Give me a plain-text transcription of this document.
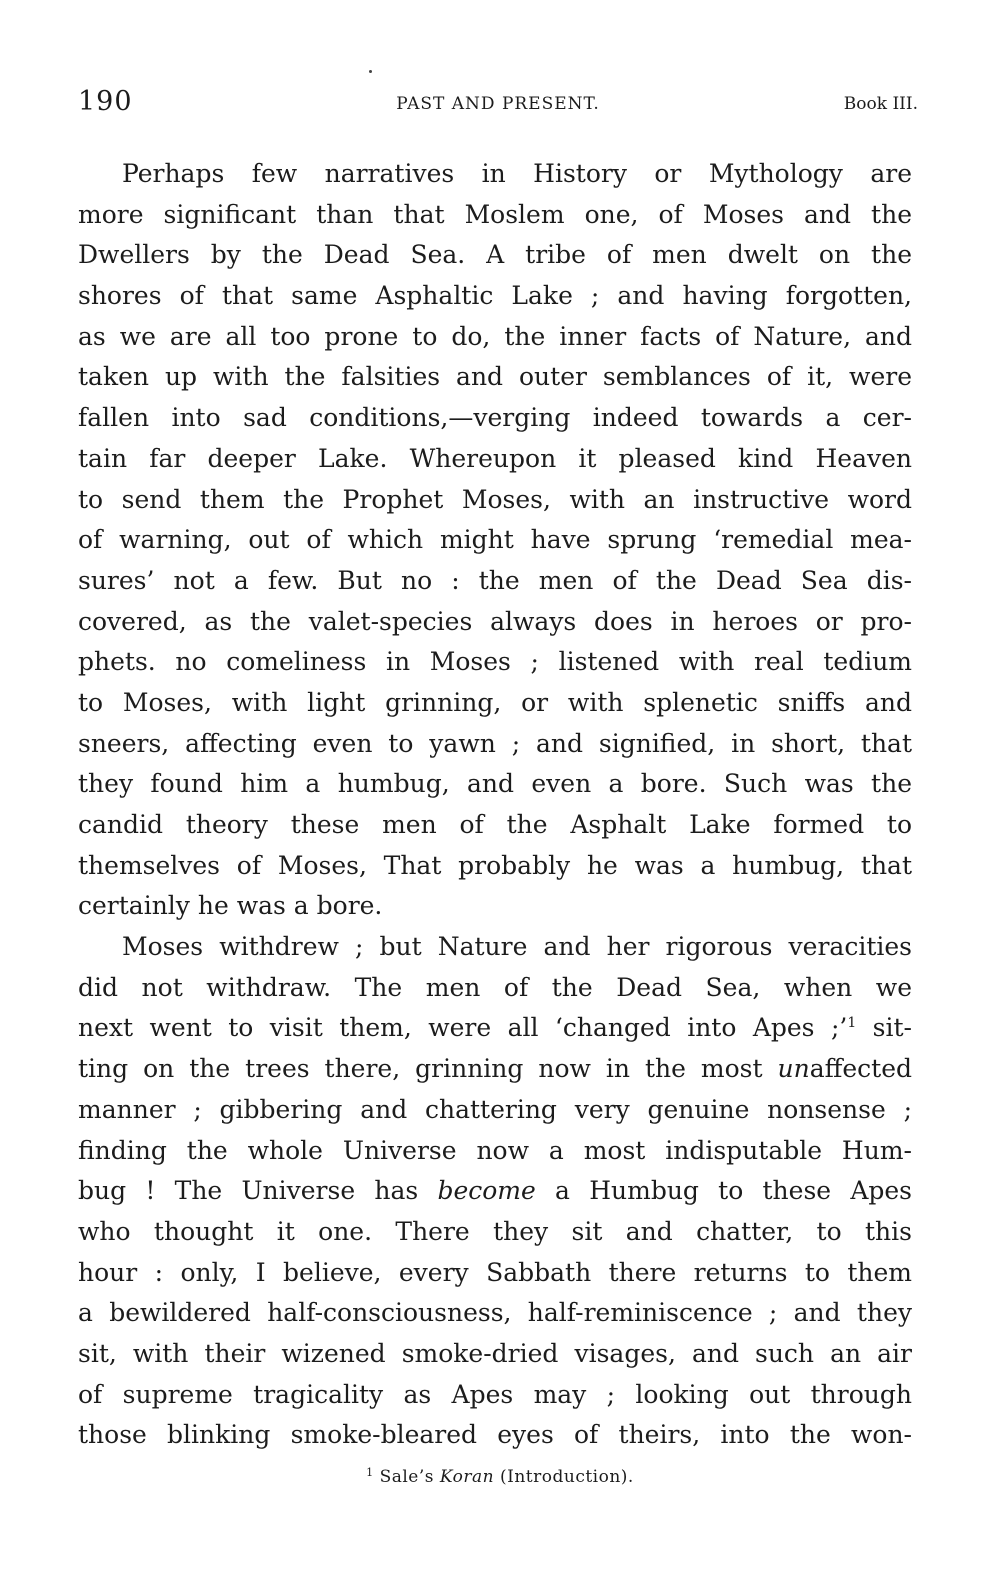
190	PAST AND PRESENT.	Book III.
Perhaps few narratives in History or Mythology are
more significant than that Moslem one, of Moses and the
Dwellers by the Dead Sea. A tribe of men dwelt on the
shores of that same Asphaltic Lake ; and having forgotten,
as we are all too prone to do, the inner facts of Nature, and
taken up with the falsities and outer semblances of it, were
fallen into sad conditions,—verging indeed towards a cer-
tain far deeper Lake. Whereupon it pleased kind Heaven
to send them the Prophet Moses, with an instructive word
of warning, out of which might have sprung ‘remedial mea-
sures’ not a few. But no : the men of the Dead Sea dis-
covered, as the valet-species always does in heroes or pro-
phets. no comeliness in Moses ; listened with real tedium
to Moses, with light grinning, or with splenetic sniffs and
sneers, affecting even to yawn ; and signified, in short, that
they found him a humbug, and even a bore. Such was the
candid theory these men of the Asphalt Lake formed to
themselves of Moses, That probably he was a humbug, that
certainly he was a bore.
Moses withdrew ; but Nature and her rigorous veracities
did not withdraw. The men of the Dead Sea, when we
next went to visit them, were all ‘changed into Apes ;’$^1$ sit-
ting on the trees there, grinning now in the most unaffected
manner ; gibbering and chattering very genuine nonsense ;
finding the whole Universe now a most indisputable Hum-
bug ! The Universe has become a Humbug to these Apes
who thought it one. There they sit and chatter, to this
hour : only, I believe, every Sabbath there returns to them
a bewildered half-consciousness, half-reminiscence ; and they
sit, with their wizened smoke-dried visages, and such an air
of supreme tragicality as Apes may ; looking out through
those blinking smoke-bleared eyes of theirs, into the won-
$^1$ Sale’s Koran (Introduction).
